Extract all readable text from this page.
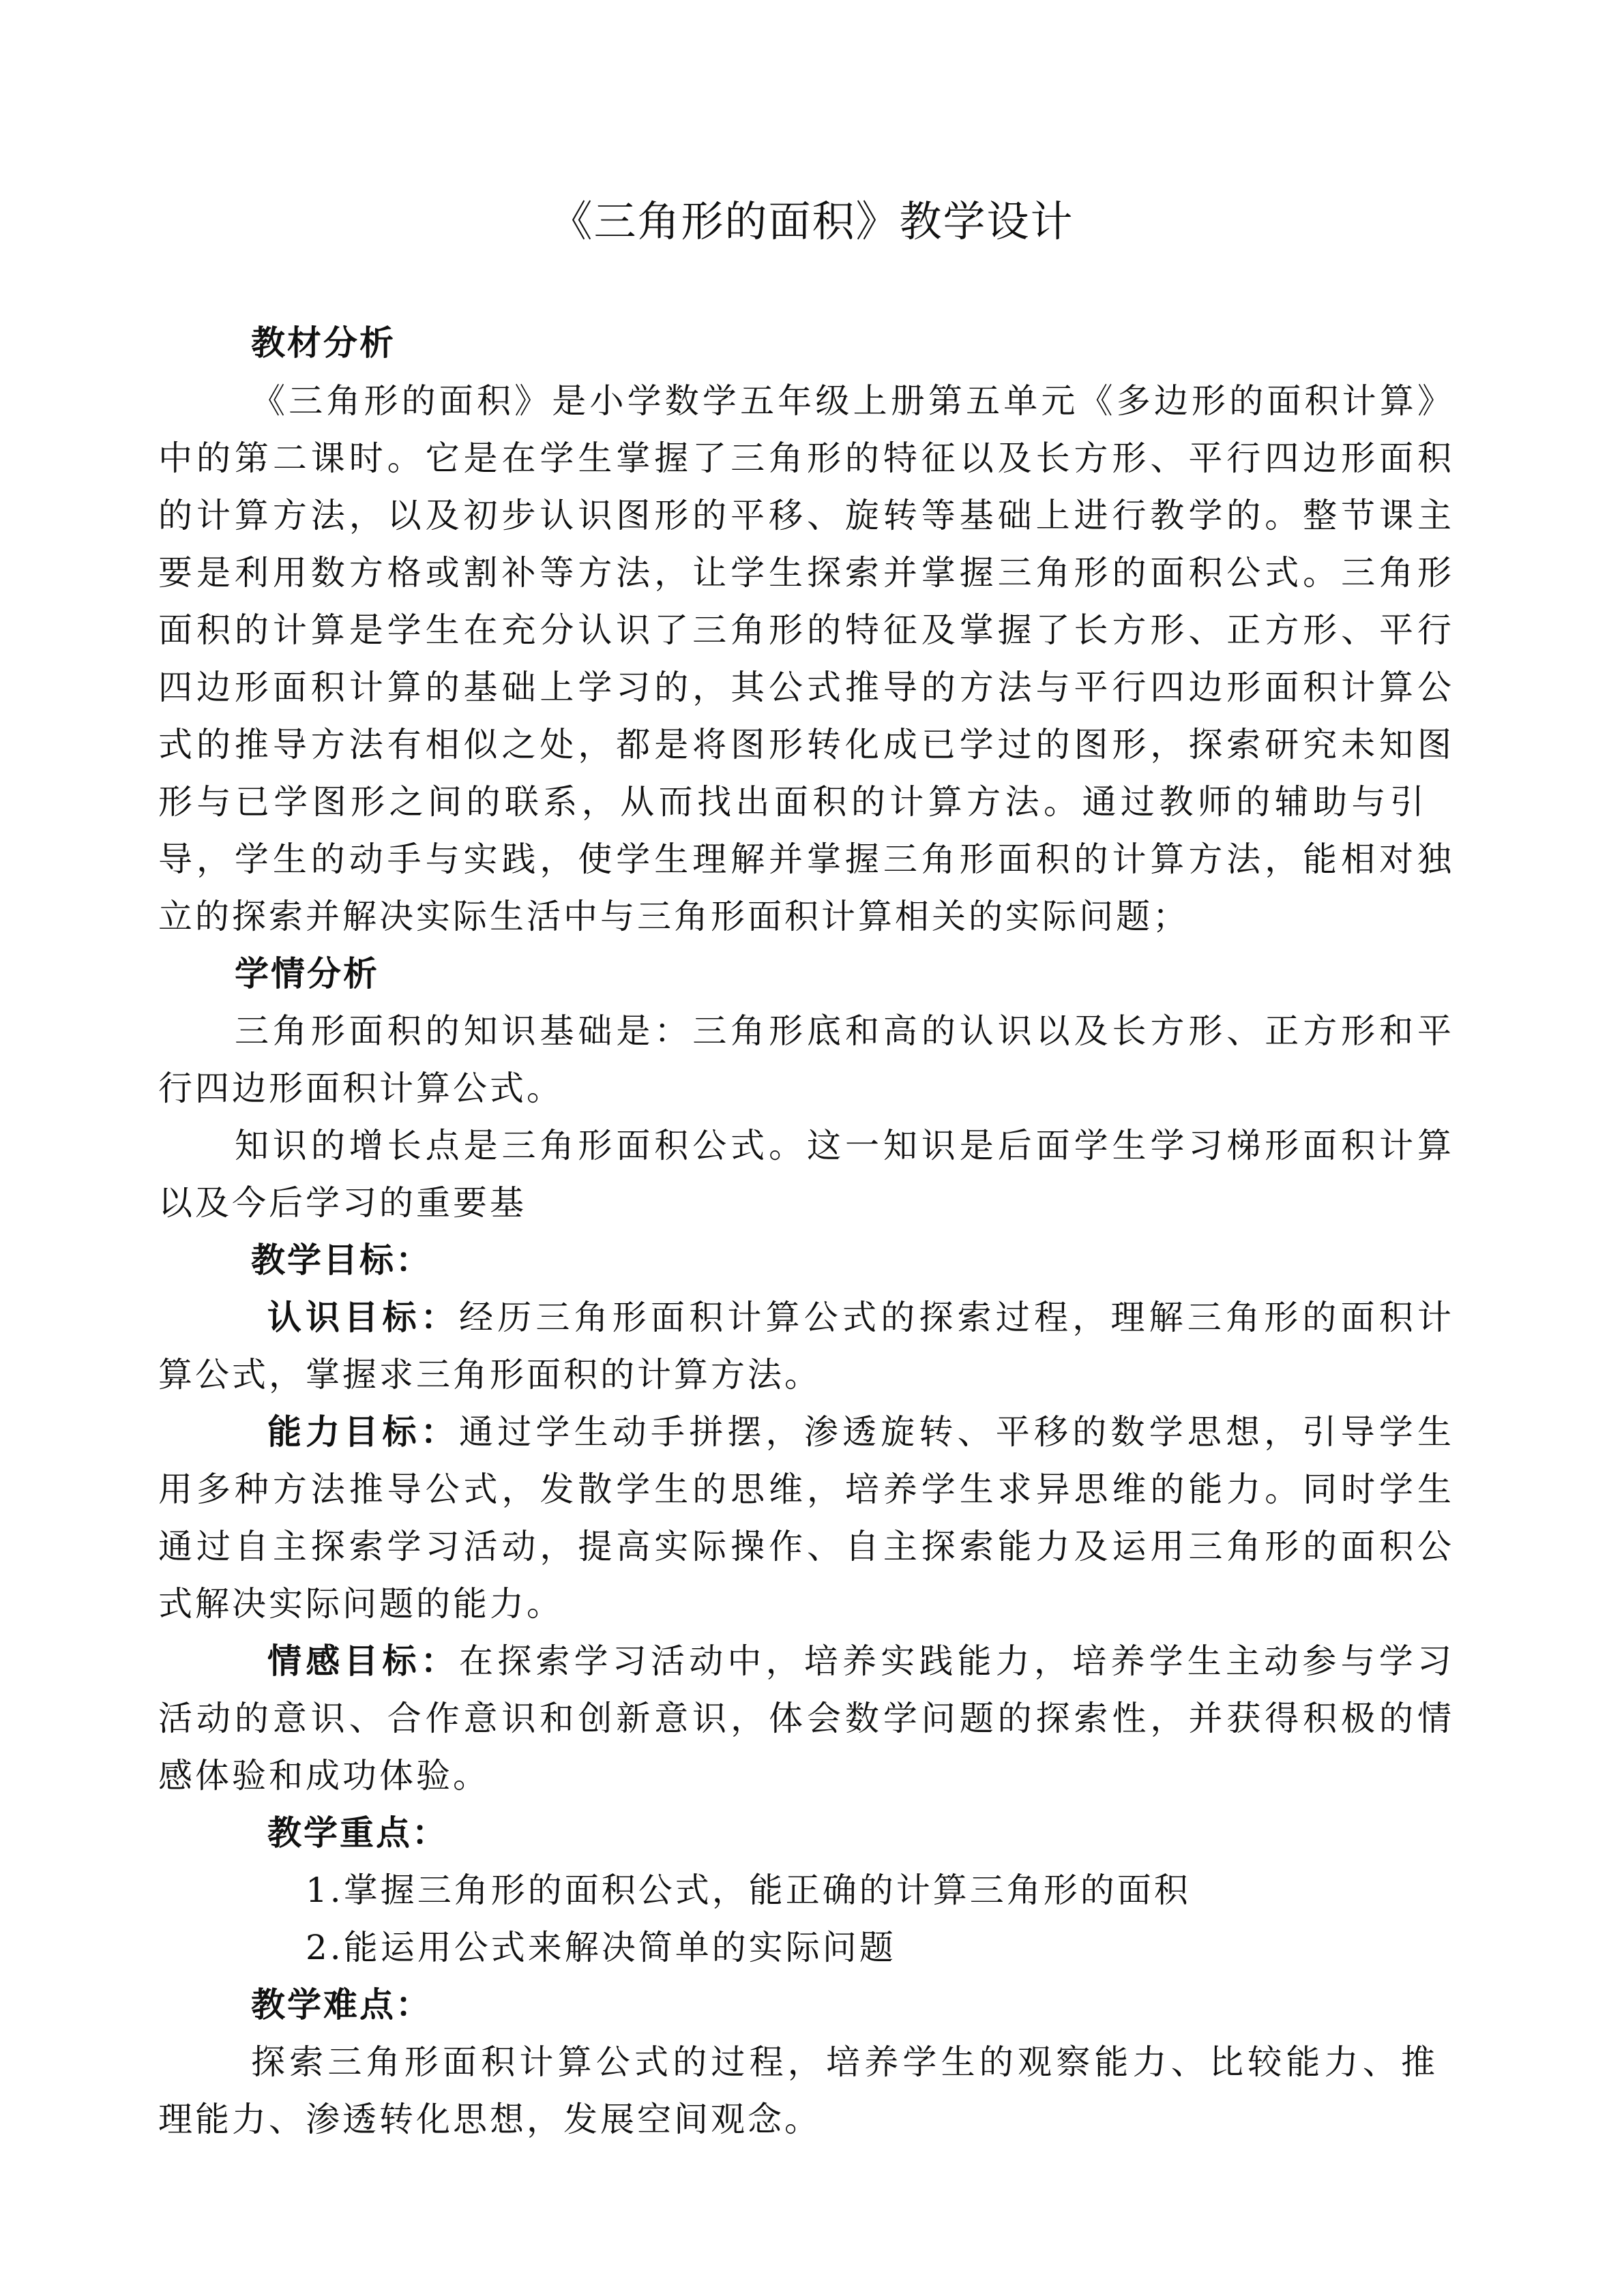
《三角形的面积》教学设计
教材分析
《三角形的面积》是小学数学五年级上册第五单元《多边形的面积计算》
中的第二课时。它是在学生掌握了三角形的特征以及长方形、平行四边形面积
的计算方法，以及初步认识图形的平移、旋转等基础上进行教学的。整节课主
要是利用数方格或割补等方法，让学生探索并掌握三角形的面积公式。三角形
面积的计算是学生在充分认识了三角形的特征及掌握了长方形、正方形、平行
四边形面积计算的基础上学习的，其公式推导的方法与平行四边形面积计算公
式的推导方法有相似之处，都是将图形转化成已学过的图形，探索研究未知图
形与已学图形之间的联系，从而找出面积的计算方法。通过教师的辅助与引
导，学生的动手与实践，使学生理解并掌握三角形面积的计算方法，能相对独
立的探索并解决实际生活中与三角形面积计算相关的实际问题；
学情分析
三角形面积的知识基础是：三角形底和高的认识以及长方形、正方形和平
行四边形面积计算公式。
知识的增长点是三角形面积公式。这一知识是后面学生学习梯形面积计算
以及今后学习的重要基
教学目标：
认识目标：经历三角形面积计算公式的探索过程，理解三角形的面积计
算公式，掌握求三角形面积的计算方法。
能力目标：通过学生动手拼摆，渗透旋转、平移的数学思想，引导学生
用多种方法推导公式，发散学生的思维，培养学生求异思维的能力。同时学生
通过自主探索学习活动，提高实际操作、自主探索能力及运用三角形的面积公
式解决实际问题的能力。
情感目标：在探索学习活动中，培养实践能力，培养学生主动参与学习
活动的意识、合作意识和创新意识，体会数学问题的探索性，并获得积极的情
感体验和成功体验。
教学重点：
1.掌握三角形的面积公式，能正确的计算三角形的面积
2.能运用公式来解决简单的实际问题
教学难点：
探索三角形面积计算公式的过程，培养学生的观察能力、比较能力、推
理能力、渗透转化思想，发展空间观念。
